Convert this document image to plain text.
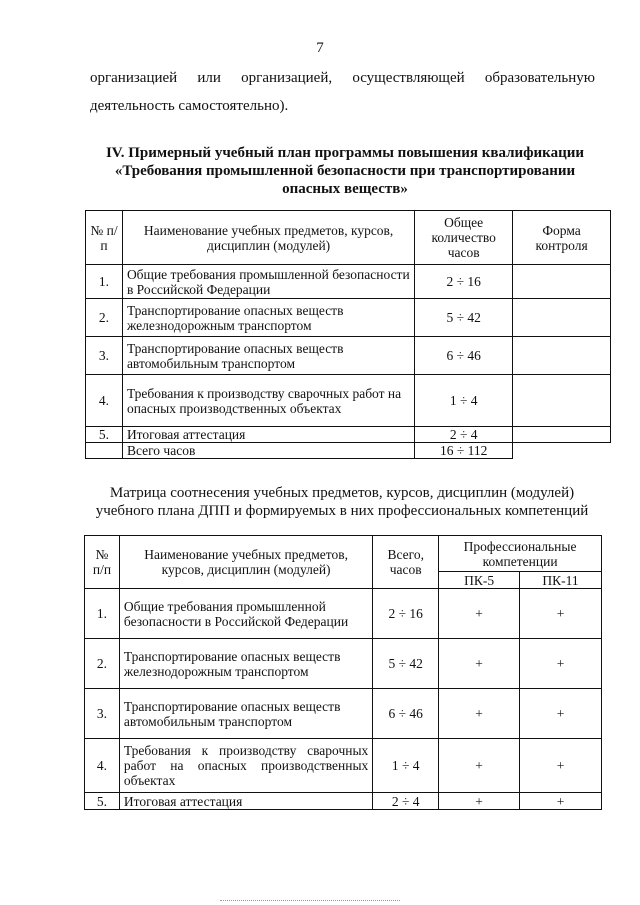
7
организацией или организацией, осуществляющей образовательную
деятельность самостоятельно).
IV. Примерный учебный план программы повышения квалификации
«Требования промышленной безопасности при транспортировании
опасных веществ»
№ п/п	Наименование учебных предметов, курсов, дисциплин (модулей)	Общее количество часов	Форма контроля
1.	Общие требования промышленной безопасности в Российской Федерации	2 ÷ 16	
2.	Транспортирование опасных веществ железнодорожным транспортом	5 ÷ 42	
3.	Транспортирование опасных веществ автомобильным транспортом	6 ÷ 46	
4.	Требования к производству сварочных работ на опасных производственных объектах	1 ÷ 4	
5.	Итоговая аттестация	2 ÷ 4	
	Всего часов	16 ÷ 112	
Матрица соотнесения учебных предметов, курсов, дисциплин (модулей)
учебного плана ДПП и формируемых в них профессиональных компетенций
№ п/п	Наименование учебных предметов, курсов, дисциплин (модулей)	Всего, часов	Профессиональные компетенции	
			ПК-5	ПК-11
1.	Общие требования промышленной безопасности в Российской Федерации	2 ÷ 16	+	+
2.	Транспортирование опасных веществ железнодорожным транспортом	5 ÷ 42	+	+
3.	Транспортирование опасных веществ автомобильным транспортом	6 ÷ 46	+	+
4.	Требования к производству сварочных работ на опасных производственных объектах	1 ÷ 4	+	+
5.	Итоговая аттестация	2 ÷ 4	+	+
